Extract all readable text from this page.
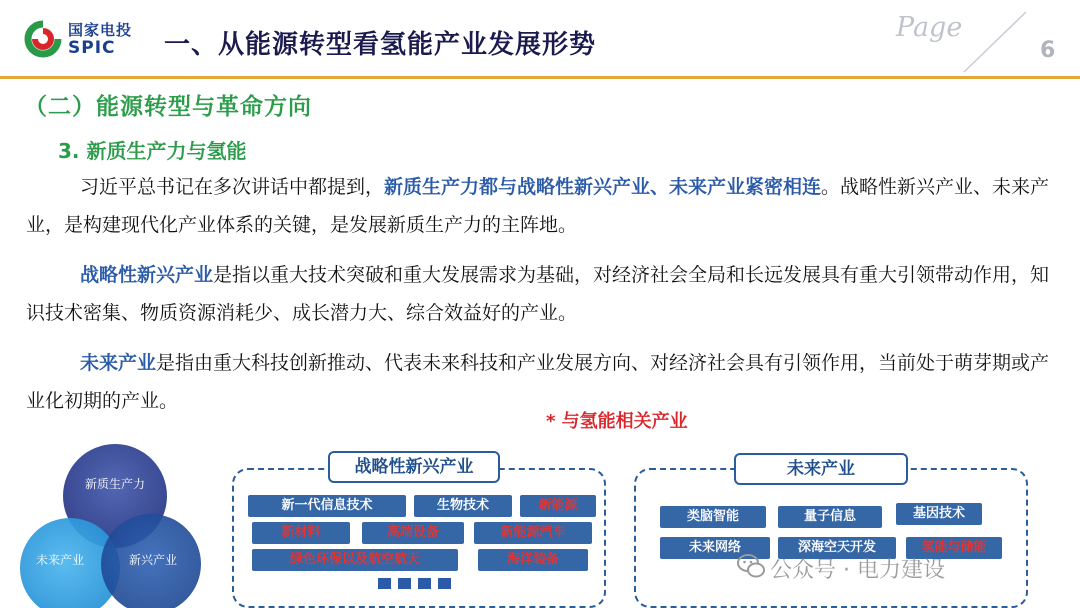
国家电投
SPIC 一、从能源转型看氢能产业发展形势
Page
6
（二）能源转型与革命方向
3. 新质生产力与氢能
习近平总书记在多次讲话中都提到，新质生产力都与战略性新兴产业、未来产业紧密相连。战略性新兴产业、未来产业，是构建现代化产业体系的关键，是发展新质生产力的主阵地。
战略性新兴产业是指以重大技术突破和重大发展需求为基础，对经济社会全局和长远发展具有重大引领带动作用，知识技术密集、物质资源消耗少、成长潜力大、综合效益好的产业。
未来产业是指由重大科技创新推动、代表未来科技和产业发展方向、对经济社会具有引领作用，当前处于萌芽期或产业化初期的产业。
* 与氢能相关产业
新质生产力
未来产业	新兴产业
战略性新兴产业
新一代信息技术	生物技术	新能源
新材料	高端设备	新能源汽车
绿色环保以及航空航天	海洋装备
未来产业
类脑智能	量子信息	基因技术
未来网络	深海空天开发	氢能与储能
公众号 · 电力建设
